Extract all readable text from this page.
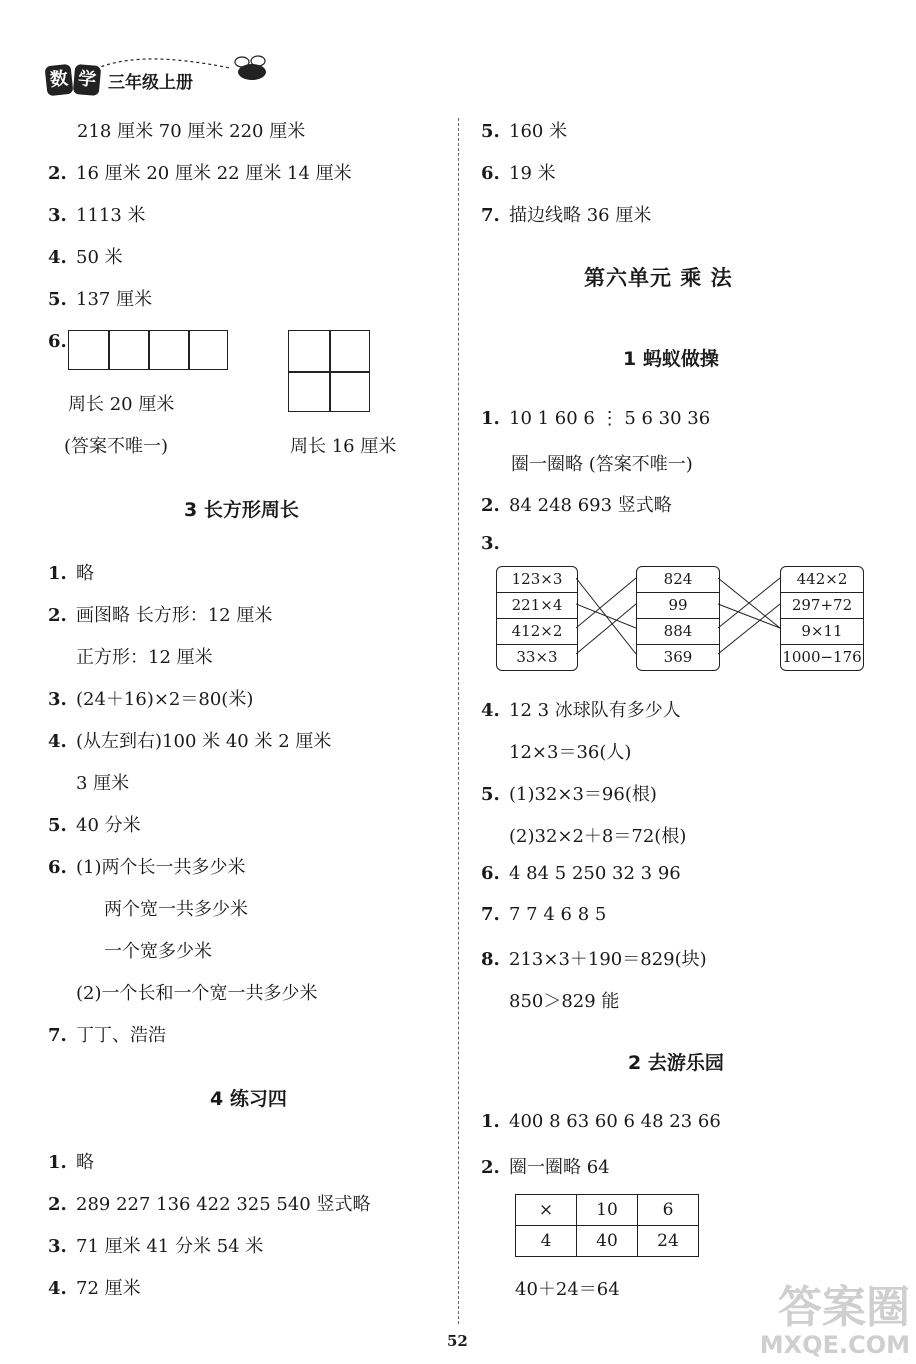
数 学 三年级上册
218 厘米 70 厘米 220 厘米
2. 16 厘米 20 厘米 22 厘米 14 厘米
3. 1113 米
4. 50 米
5. 137 厘米
6.
周长 20 厘米
(答案不唯一)	周长 16 厘米
3 长方形周长
1. 略
2. 画图略 长方形：12 厘米
正方形：12 厘米
3. (24＋16)×2＝80(米)
4. (从左到右)100 米 40 米 2 厘米
3 厘米
5. 40 分米
6. (1)两个长一共多少米
两个宽一共多少米
一个宽多少米
(2)一个长和一个宽一共多少米
7. 丁丁、浩浩
4 练习四
1. 略
2. 289 227 136 422 325 540 竖式略
3. 71 厘米 41 分米 54 米
4. 72 厘米
5. 160 米
6. 19 米
7. 描边线略 36 厘米
第六单元 乘 法
1 蚂蚁做操
1. 10 1 60 6 ⋮ 5 6 30 36
圈一圈略 (答案不唯一)
2. 84 248 693 竖式略
3.
123×3
221×4
412×2
33×3
824
99
884
369
442×2
297+72
9×11
1000−176
4. 12 3 冰球队有多少人
12×3＝36(人)
5. (1)32×3＝96(根)
(2)32×2＋8＝72(根)
6. 4 84 5 250 32 3 96
7. 7 7 4 6 8 5
8. 213×3＋190＝829(块)
850＞829 能
2 去游乐园
1. 400 8 63 60 6 48 23 66
2. 圈一圈略 64
×	10	6
4	40	24
40＋24＝64
52
答案圈
MXQE.COM
